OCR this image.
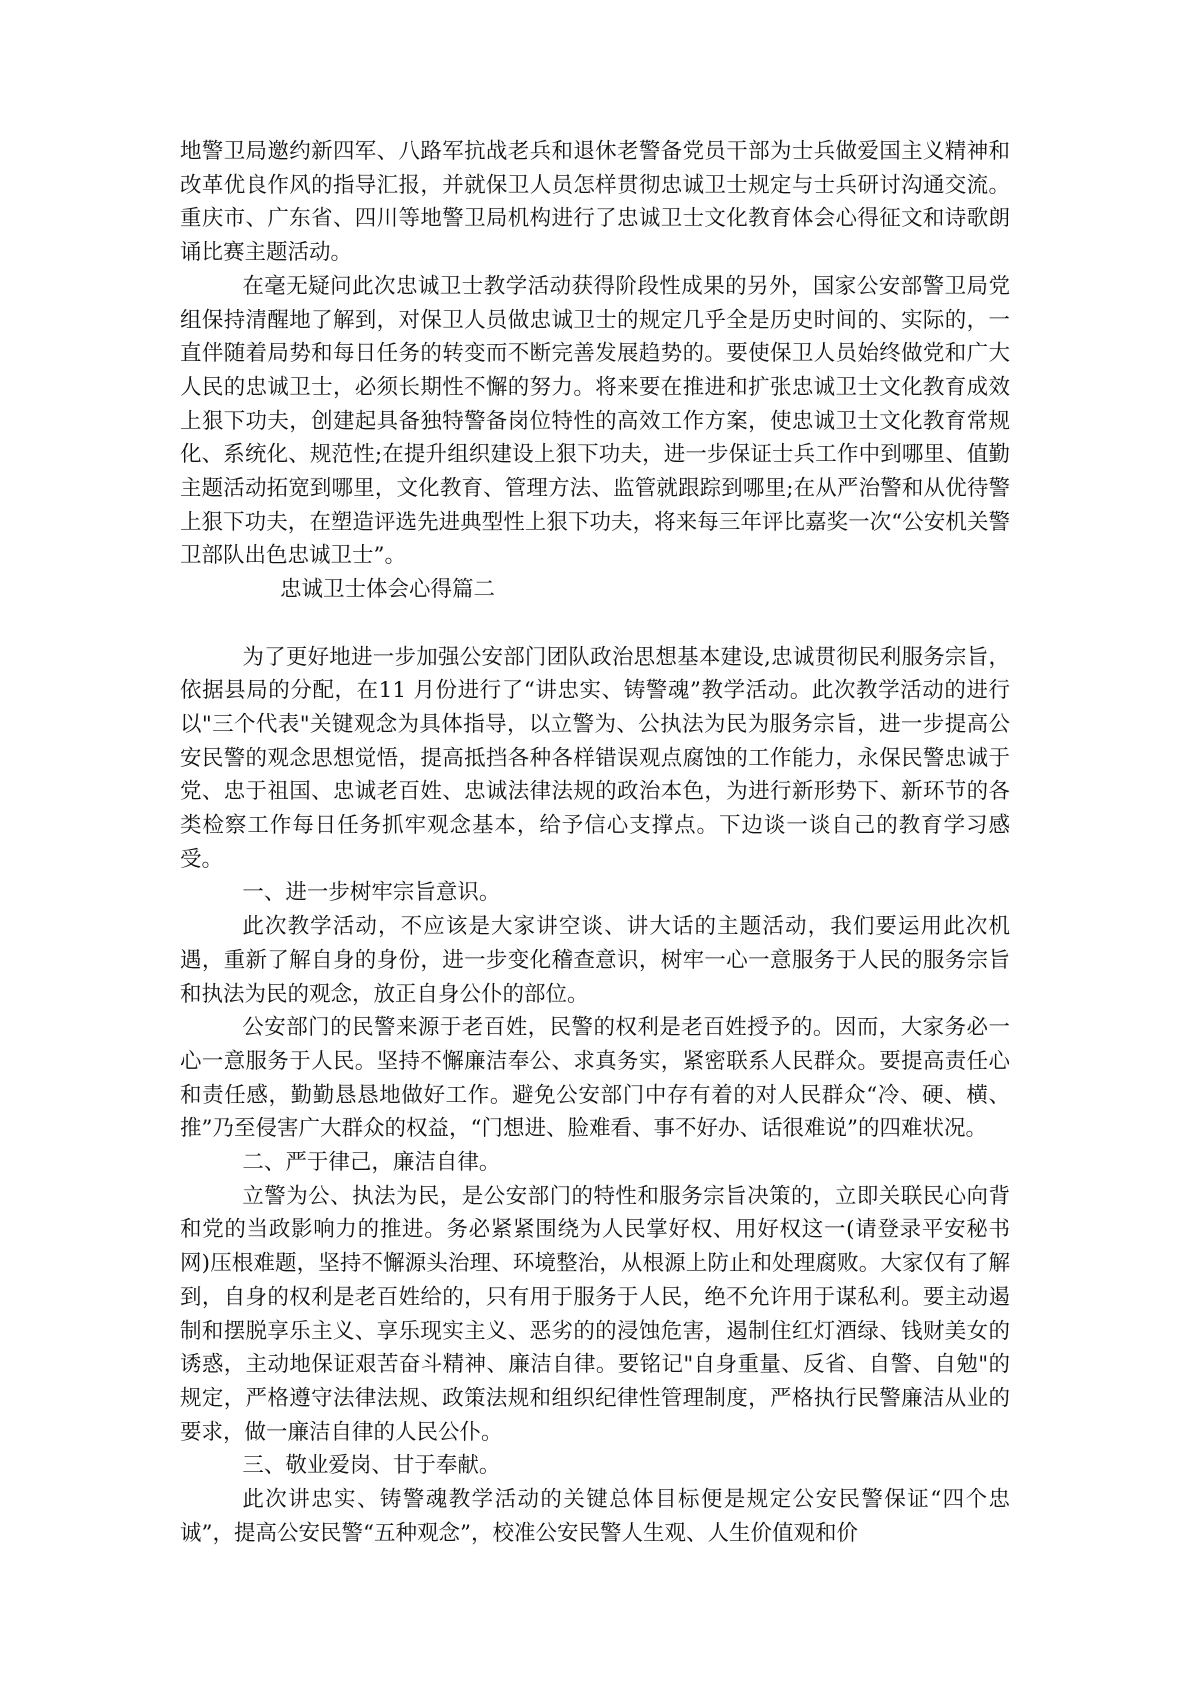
地警卫局邀约新四军、八路军抗战老兵和退休老警备党员干部为士兵做爱国主义精神和改革优良作风的指导汇报，并就保卫人员怎样贯彻忠诚卫士规定与士兵研讨沟通交流。重庆市、广东省、四川等地警卫局机构进行了忠诚卫士文化教育体会心得征文和诗歌朗诵比赛主题活动。

在毫无疑问此次忠诚卫士教学活动获得阶段性成果的另外，国家公安部警卫局党组保持清醒地了解到，对保卫人员做忠诚卫士的规定几乎全是历史时间的、实际的，一直伴随着局势和每日任务的转变而不断完善发展趋势的。要使保卫人员始终做党和广大人民的忠诚卫士，必须长期性不懈的努力。将来要在推进和扩张忠诚卫士文化教育成效上狠下功夫，创建起具备独特警备岗位特性的高效工作方案，使忠诚卫士文化教育常规化、系统化、规范性;在提升组织建设上狠下功夫，进一步保证士兵工作中到哪里、值勤主题活动拓宽到哪里，文化教育、管理方法、监管就跟踪到哪里;在从严治警和从优待警上狠下功夫，在塑造评选先进典型性上狠下功夫，将来每三年评比嘉奖一次“公安机关警卫部队出色忠诚卫士”。

忠诚卫士体会心得篇二

为了更好地进一步加强公安部门团队政治思想基本建设,忠诚贯彻民利服务宗旨，依据县局的分配，在11 月份进行了“讲忠实、铸警魂”教学活动。此次教学活动的进行以"三个代表"关键观念为具体指导，以立警为、公执法为民为服务宗旨，进一步提高公安民警的观念思想觉悟，提高抵挡各种各样错误观点腐蚀的工作能力，永保民警忠诚于党、忠于祖国、忠诚老百姓、忠诚法律法规的政治本色，为进行新形势下、新环节的各类检察工作每日任务抓牢观念基本，给予信心支撑点。下边谈一谈自己的教育学习感受。

一、进一步树牢宗旨意识。

此次教学活动，不应该是大家讲空谈、讲大话的主题活动，我们要运用此次机遇，重新了解自身的身份，进一步变化稽查意识，树牢一心一意服务于人民的服务宗旨和执法为民的观念，放正自身公仆的部位。

公安部门的民警来源于老百姓，民警的权利是老百姓授予的。因而，大家务必一心一意服务于人民。坚持不懈廉洁奉公、求真务实，紧密联系人民群众。要提高责任心和责任感，勤勤恳恳地做好工作。避免公安部门中存有着的对人民群众“冷、硬、横、推”乃至侵害广大群众的权益，“门想进、脸难看、事不好办、话很难说”的四难状况。

二、严于律己，廉洁自律。

立警为公、执法为民，是公安部门的特性和服务宗旨决策的，立即关联民心向背和党的当政影响力的推进。务必紧紧围绕为人民掌好权、用好权这一(请登录平安秘书网)压根难题，坚持不懈源头治理、环境整治，从根源上防止和处理腐败。大家仅有了解到，自身的权利是老百姓给的，只有用于服务于人民，绝不允许用于谋私利。要主动遏制和摆脱享乐主义、享乐现实主义、恶劣的的浸蚀危害，遏制住红灯酒绿、钱财美女的诱惑，主动地保证艰苦奋斗精神、廉洁自律。要铭记"自身重量、反省、自警、自勉"的规定，严格遵守法律法规、政策法规和组织纪律性管理制度，严格执行民警廉洁从业的要求，做一廉洁自律的人民公仆。

三、敬业爱岗、甘于奉献。

此次讲忠实、铸警魂教学活动的关键总体目标便是规定公安民警保证“四个忠诚”，提高公安民警“五种观念”，校准公安民警人生观、人生价值观和价
